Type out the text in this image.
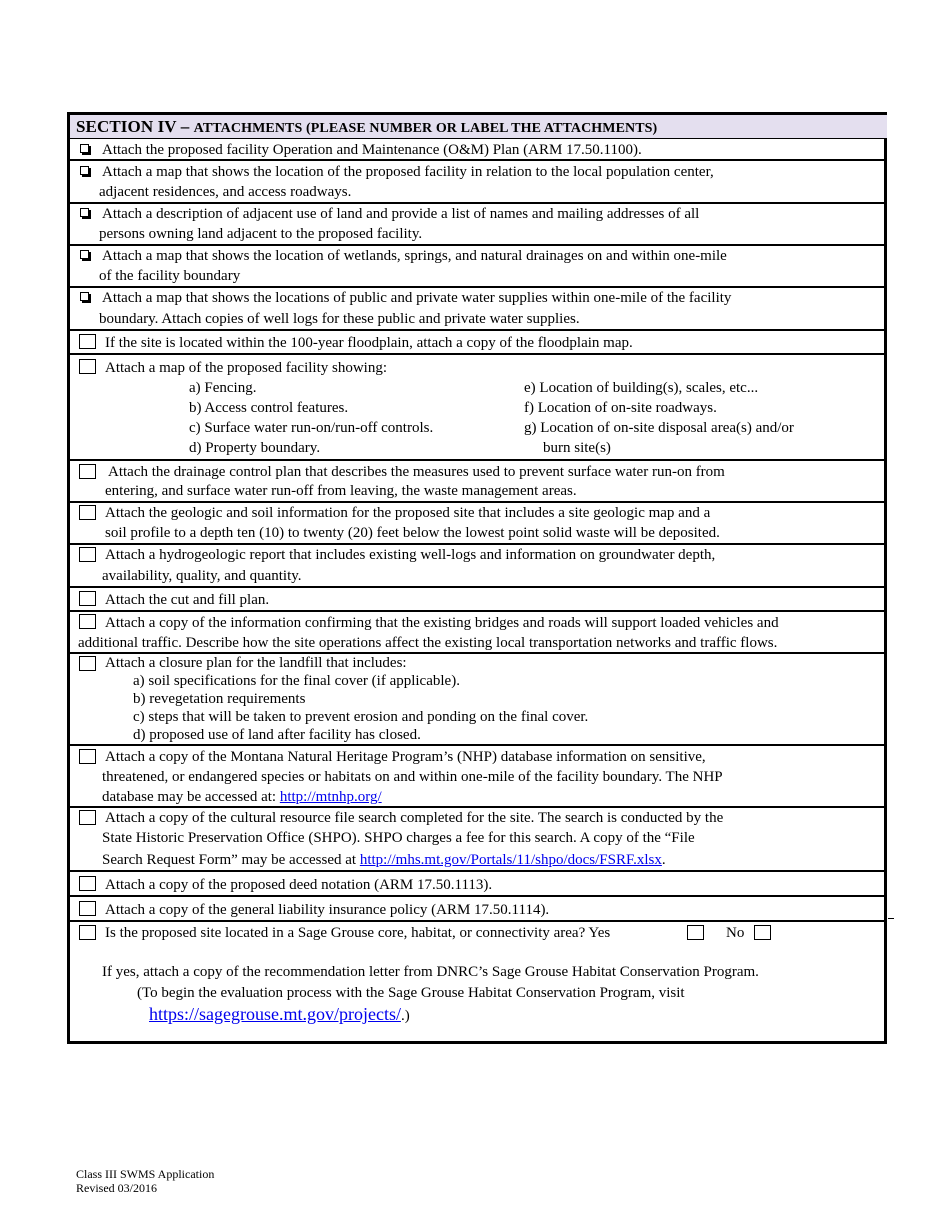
SECTION IV – ATTACHMENTS (PLEASE NUMBER OR LABEL THE ATTACHMENTS)
Attach the proposed facility Operation and Maintenance (O&M) Plan (ARM 17.50.1100).
Attach a map that shows the location of the proposed facility in relation to the local population center,
adjacent residences, and access roadways.
Attach a description of adjacent use of land and provide a list of names and mailing addresses of all
persons owning land adjacent to the proposed facility.
Attach a map that shows the location of wetlands, springs, and natural drainages on and within one-mile
of the facility boundary
Attach a map that shows the locations of public and private water supplies within one-mile of the facility
boundary. Attach copies of well logs for these public and private water supplies.
If the site is located within the 100-year floodplain, attach a copy of the floodplain map.
Attach a map of the proposed facility showing:
a) Fencing.
b) Access control features.
c) Surface water run-on/run-off controls.
d) Property boundary.
e) Location of building(s), scales, etc...
f) Location of on-site roadways.
g) Location of on-site disposal area(s) and/or
burn site(s)
Attach the drainage control plan that describes the measures used to prevent surface water run-on from
entering, and surface water run-off from leaving, the waste management areas.
Attach the geologic and soil information for the proposed site that includes a site geologic map and a
soil profile to a depth ten (10) to twenty (20) feet below the lowest point solid waste will be deposited.
Attach a hydrogeologic report that includes existing well-logs and information on groundwater depth,
availability, quality, and quantity.
Attach the cut and fill plan.
Attach a copy of the information confirming that the existing bridges and roads will support loaded vehicles and
additional traffic. Describe how the site operations affect the existing local transportation networks and traffic flows.
Attach a closure plan for the landfill that includes:
a) soil specifications for the final cover (if applicable).
b) revegetation requirements
c) steps that will be taken to prevent erosion and ponding on the final cover.
d) proposed use of land after facility has closed.
Attach a copy of the Montana Natural Heritage Program’s (NHP) database information on sensitive,
threatened, or endangered species or habitats on and within one-mile of the facility boundary. The NHP
database may be accessed at: http://mtnhp.org/
Attach a copy of the cultural resource file search completed for the site. The search is conducted by the
State Historic Preservation Office (SHPO). SHPO charges a fee for this search. A copy of the “File
Search Request Form” may be accessed at http://mhs.mt.gov/Portals/11/shpo/docs/FSRF.xlsx.
Attach a copy of the proposed deed notation (ARM 17.50.1113).
Attach a copy of the general liability insurance policy (ARM 17.50.1114).
Is the proposed site located in a Sage Grouse core, habitat, or connectivity area? Yes	No
If yes, attach a copy of the recommendation letter from DNRC’s Sage Grouse Habitat Conservation Program.
(To begin the evaluation process with the Sage Grouse Habitat Conservation Program, visit
https://sagegrouse.mt.gov/projects/.)
Class III SWMS Application
Revised 03/2016
